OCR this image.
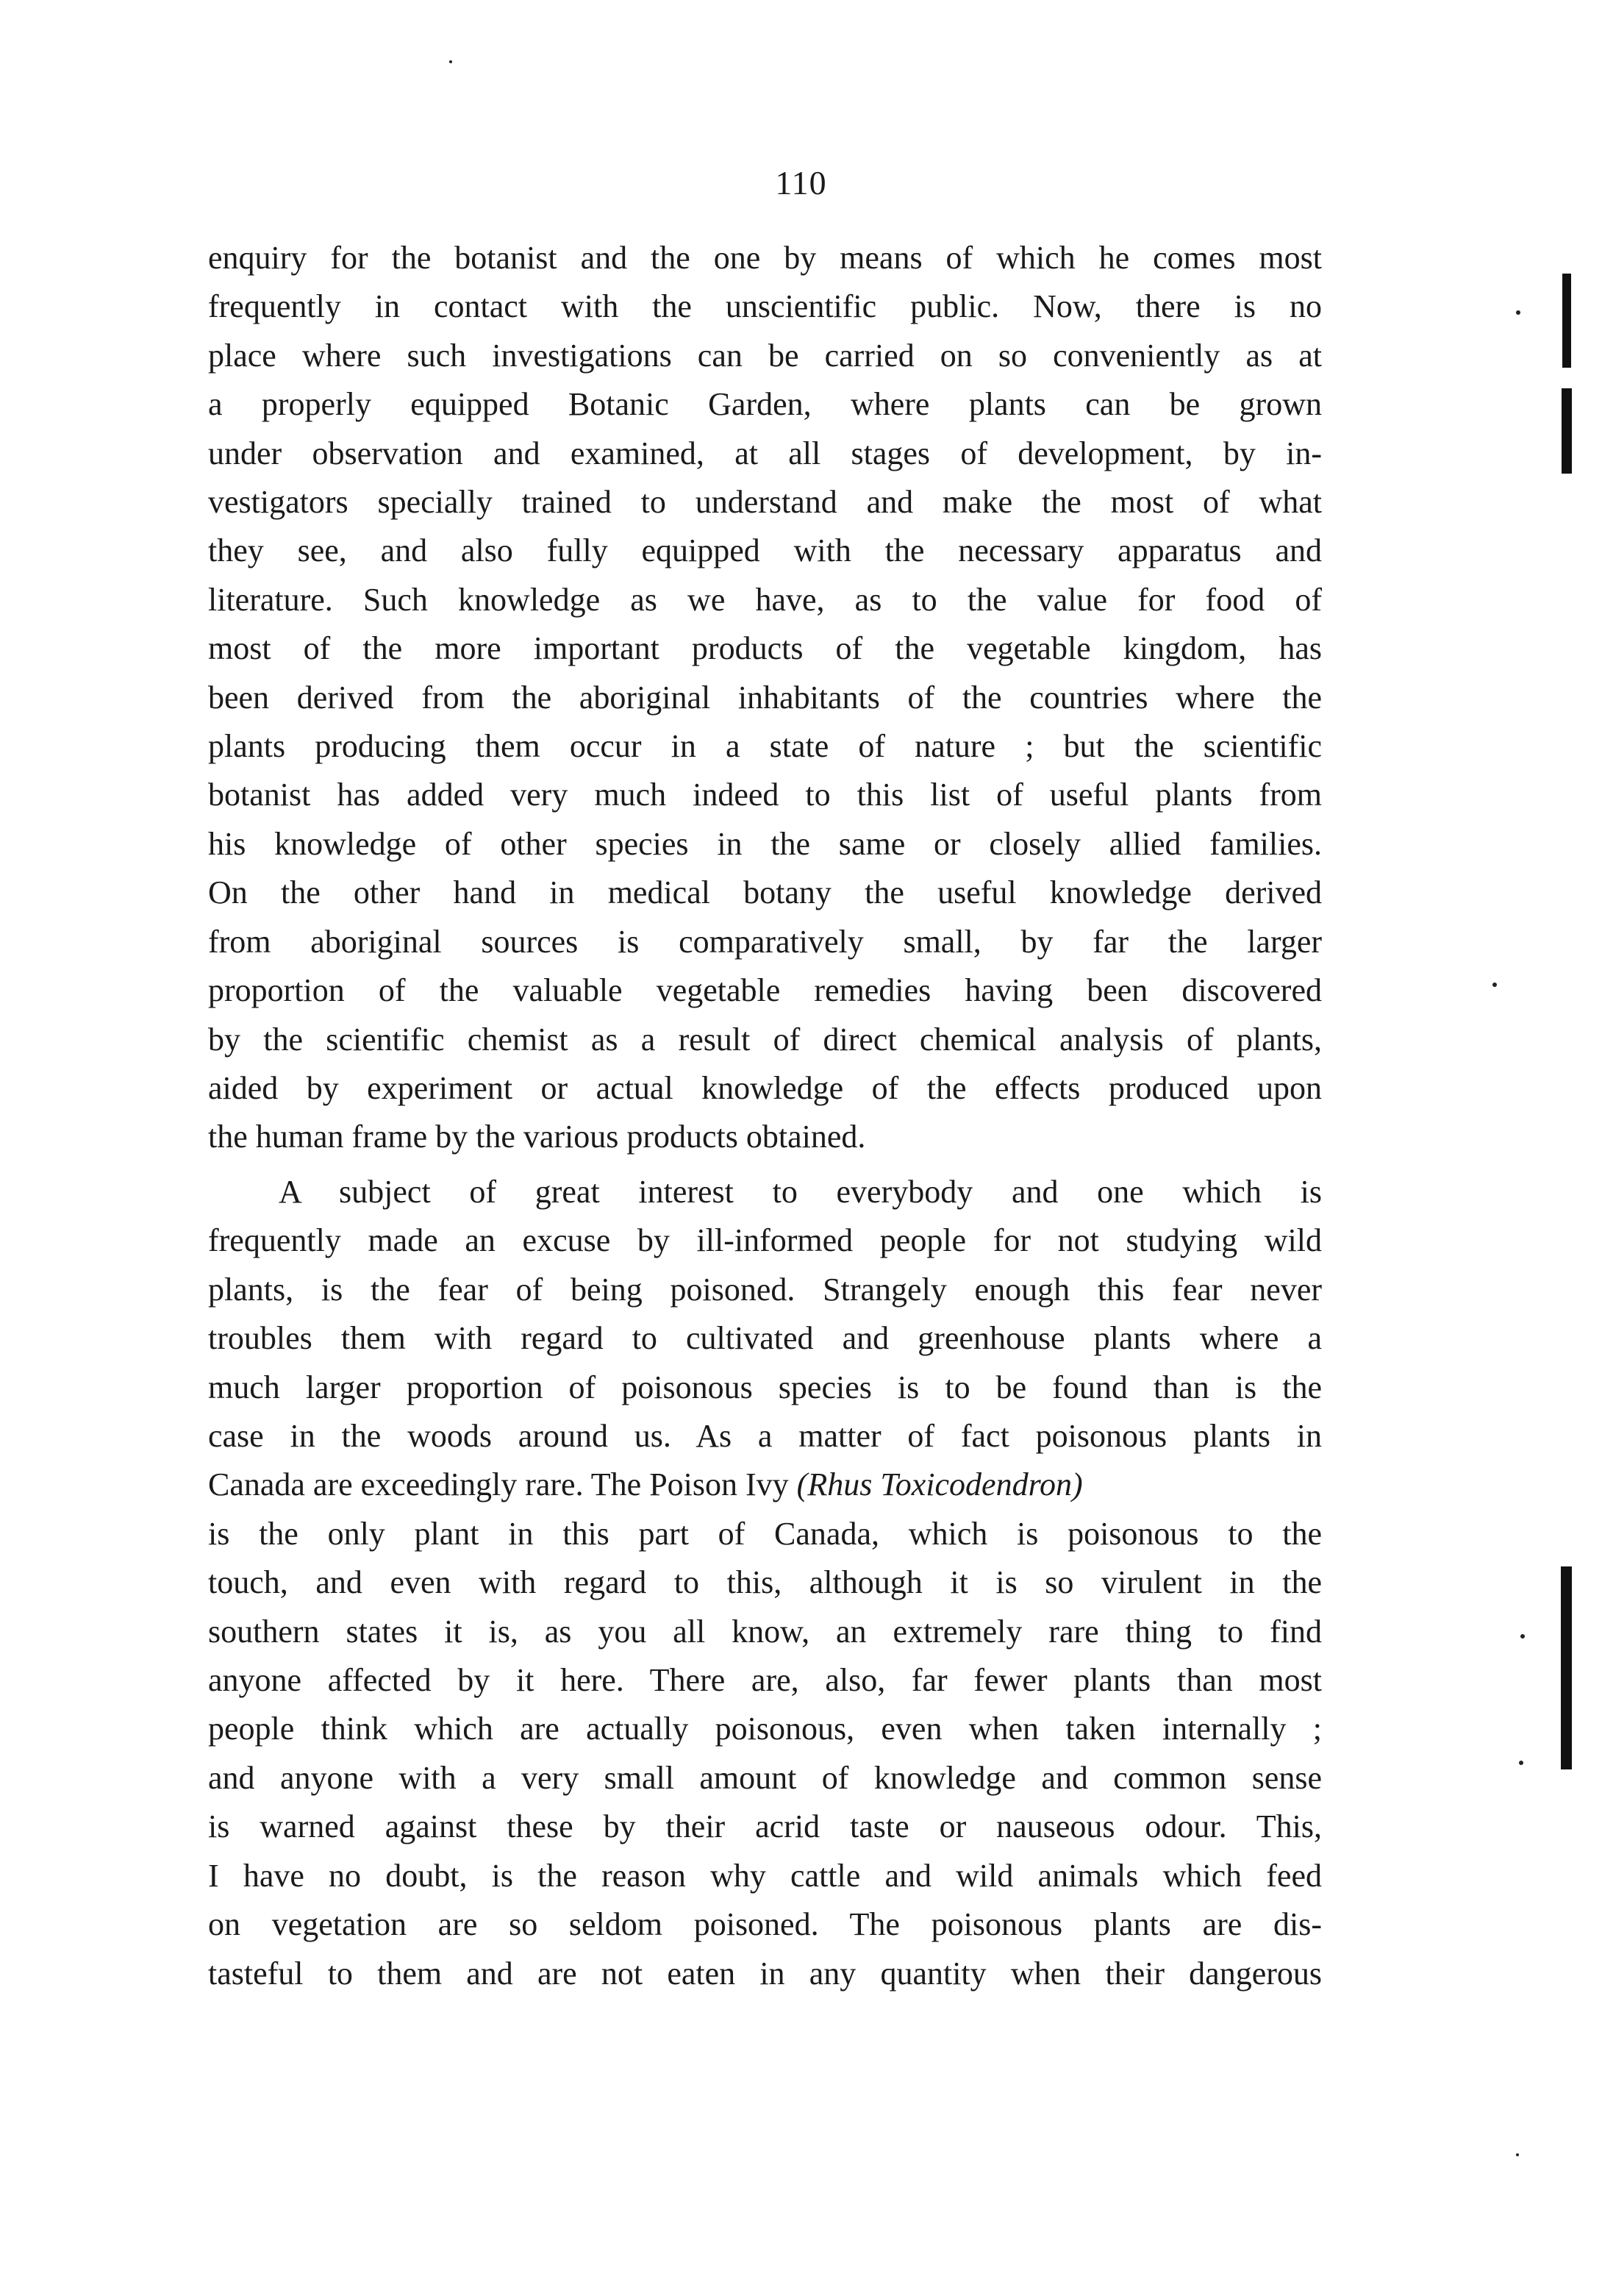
110
enquiry for the botanist and the one by means of which he comes most
frequently in contact with the unscientific public. Now, there is no
place where such investigations can be carried on so conveniently as at
a properly equipped Botanic Garden, where plants can be grown
under observation and examined, at all stages of development, by in-
vestigators specially trained to understand and make the most of what
they see, and also fully equipped with the necessary apparatus and
literature. Such knowledge as we have, as to the value for food of
most of the more important products of the vegetable kingdom, has
been derived from the aboriginal inhabitants of the countries where the
plants producing them occur in a state of nature ; but the scientific
botanist has added very much indeed to this list of useful plants from
his knowledge of other species in the same or closely allied families.
On the other hand in medical botany the useful knowledge derived
from aboriginal sources is comparatively small, by far the larger
proportion of the valuable vegetable remedies having been discovered
by the scientific chemist as a result of direct chemical analysis of plants,
aided by experiment or actual knowledge of the effects produced upon
the human frame by the various products obtained.
A subject of great interest to everybody and one which is
frequently made an excuse by ill-informed people for not studying wild
plants, is the fear of being poisoned. Strangely enough this fear never
troubles them with regard to cultivated and greenhouse plants where a
much larger proportion of poisonous species is to be found than is the
case in the woods around us. As a matter of fact poisonous plants in
Canada are exceedingly rare. The Poison Ivy (Rhus Toxicodendron)
is the only plant in this part of Canada, which is poisonous to the
touch, and even with regard to this, although it is so virulent in the
southern states it is, as you all know, an extremely rare thing to find
anyone affected by it here. There are, also, far fewer plants than most
people think which are actually poisonous, even when taken internally ;
and anyone with a very small amount of knowledge and common sense
is warned against these by their acrid taste or nauseous odour. This,
I have no doubt, is the reason why cattle and wild animals which feed
on vegetation are so seldom poisoned. The poisonous plants are dis-
tasteful to them and are not eaten in any quantity when their dangerous
